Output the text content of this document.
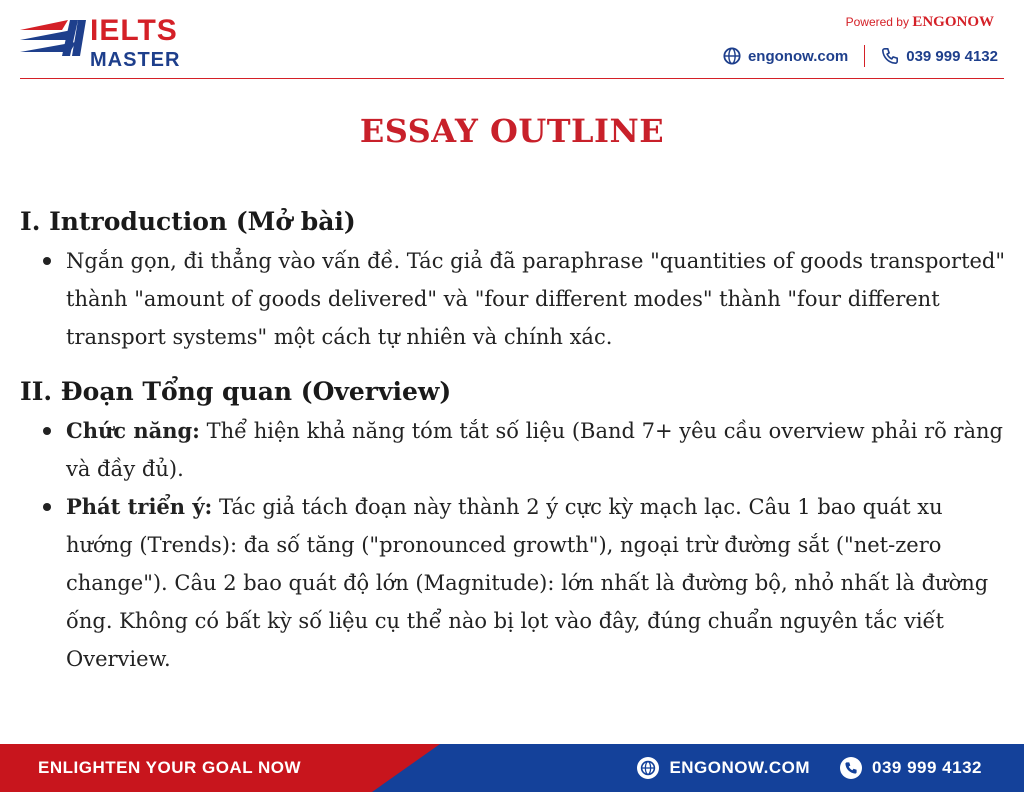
IELTS
MASTER
Powered by ENGONOW
engonow.com	039 999 4132
ESSAY OUTLINE
I. Introduction (Mở bài)
Ngắn gọn, đi thẳng vào vấn đề. Tác giả đã paraphrase "quantities of goods transported" thành "amount of goods delivered" và "four different modes" thành "four different transport systems" một cách tự nhiên và chính xác.
II. Đoạn Tổng quan (Overview)
Chức năng: Thể hiện khả năng tóm tắt số liệu (Band 7+ yêu cầu overview phải rõ ràng và đầy đủ).
Phát triển ý: Tác giả tách đoạn này thành 2 ý cực kỳ mạch lạc. Câu 1 bao quát xu hướng (Trends): đa số tăng ("pronounced growth"), ngoại trừ đường sắt ("net-zero change"). Câu 2 bao quát độ lớn (Magnitude): lớn nhất là đường bộ, nhỏ nhất là đường ống. Không có bất kỳ số liệu cụ thể nào bị lọt vào đây, đúng chuẩn nguyên tắc viết Overview.
ENLIGHTEN YOUR GOAL NOW	ENGONOW.COM	039 999 4132
